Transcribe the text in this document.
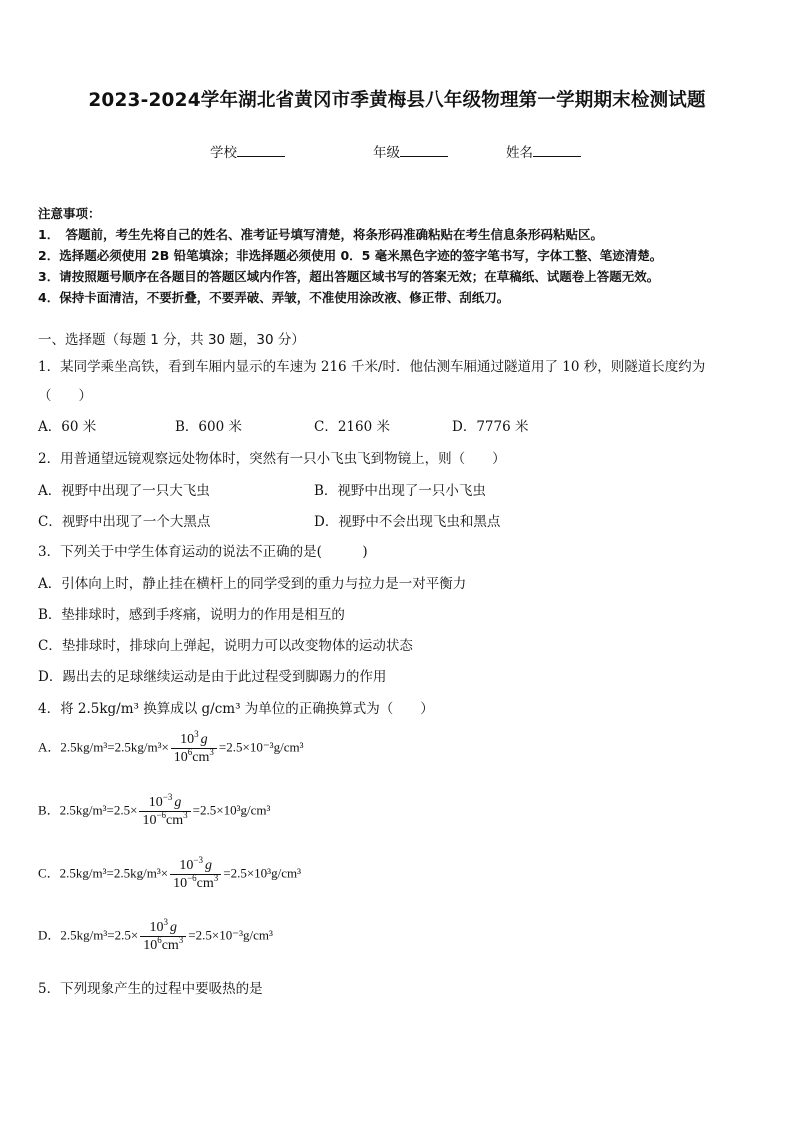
2023-2024学年湖北省黄冈市季黄梅县八年级物理第一学期期末检测试题
学校	年级	姓名
注意事项：
1．　答题前，考生先将自己的姓名、准考证号填写清楚，将条形码准确粘贴在考生信息条形码粘贴区。
2．选择题必须使用 2B 铅笔填涂；非选择题必须使用 0．5 毫米黑色字迹的签字笔书写，字体工整、笔迹清楚。
3．请按照题号顺序在各题目的答题区域内作答，超出答题区域书写的答案无效；在草稿纸、试题卷上答题无效。
4．保持卡面清洁，不要折叠，不要弄破、弄皱，不准使用涂改液、修正带、刮纸刀。
一、选择题（每题 1 分，共 30 题，30 分）
1．某同学乘坐高铁，看到车厢内显示的车速为 216 千米/时．他估测车厢通过隧道用了 10 秒，则隧道长度约为
（　　）
A．60 米	B．600 米	C．2160 米	D．7776 米
2．用普通望远镜观察远处物体时，突然有一只小飞虫飞到物镜上，则（　　）
A．视野中出现了一只大飞虫	B．视野中出现了一只小飞虫
C．视野中出现了一个大黑点	D．视野中不会出现飞虫和黑点
3．下列关于中学生体育运动的说法不正确的是(　　　)
A．引体向上时，静止挂在横杆上的同学受到的重力与拉力是一对平衡力
B．垫排球时，感到手疼痛，说明力的作用是相互的
C．垫排球时，排球向上弹起，说明力可以改变物体的运动状态
D．踢出去的足球继续运动是由于此过程受到脚踢力的作用
4．将 2.5kg/m³ 换算成以 g/cm³ 为单位的正确换算式为（　　）
A．$2.5kg/m^3=2.5kg/m^3\times \frac{10^3 g}{10^6cm^3} =2.5\times 10^{-3}g/cm^3$
B．$2.5kg/m^3=2.5\times \frac{10^{-3} g}{10^{-6}cm^3} =2.5\times 10^3g/cm^3$
C．$2.5kg/m^3=2.5kg/m^3\times \frac{10^{-3} g}{10^{-6}cm^3} =2.5\times 10^3g/cm^3$
D．$2.5kg/m^3=2.5\times \frac{10^3 g}{10^6cm^3} =2.5\times 10^{-3}g/cm^3$
5．下列现象产生的过程中要吸热的是
